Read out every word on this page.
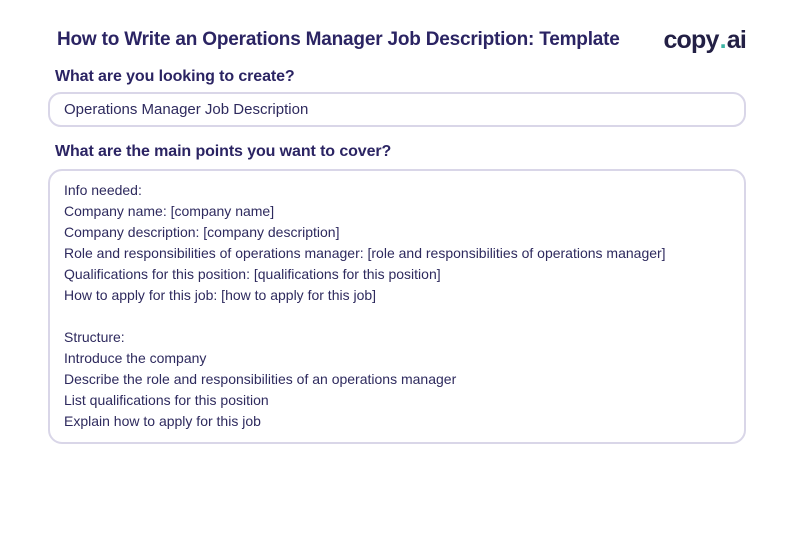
How to Write an Operations Manager Job Description: Template copy.ai
What are you looking to create?
Operations Manager Job Description
What are the main points you want to cover?
Info needed: Company name: [company name] Company description: [company description] Role and responsibilities of operations manager: [role and responsibilities of operations manager] Qualifications for this position: [qualifications for this position] How to apply for this job: [how to apply for this job] Structure: Introduce the company Describe the role and responsibilities of an operations manager List qualifications for this position Explain how to apply for this job
